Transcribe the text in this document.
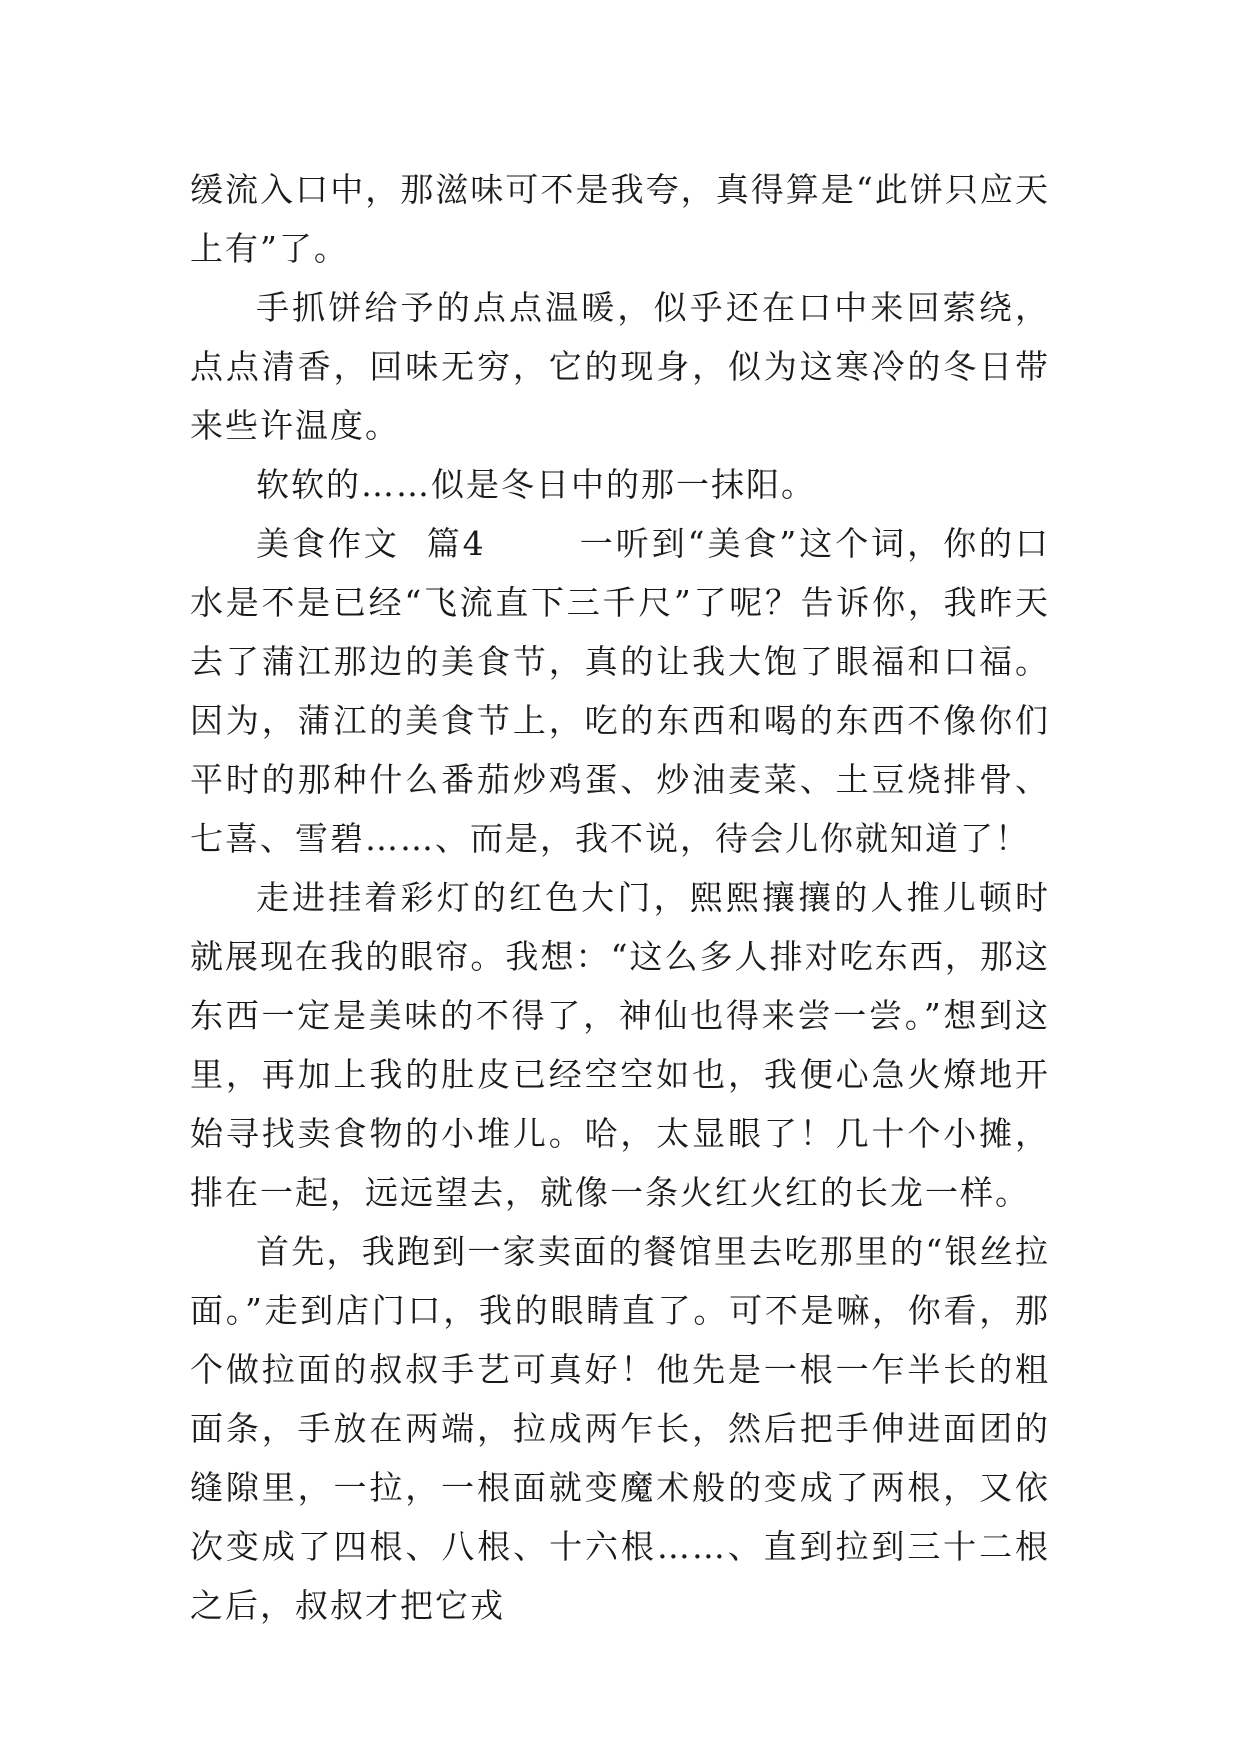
缓流入口中，那滋味可不是我夸，真得算是“此饼只应天上有”了。

手抓饼给予的点点温暖，似乎还在口中来回萦绕，点点清香，回味无穷，它的现身，似为这寒冷的冬日带来些许温度。

软软的……似是冬日中的那一抹阳。

美食作文  篇4       一听到“美食”这个词，你的口水是不是已经“飞流直下三千尺”了呢？告诉你，我昨天去了蒲江那边的美食节，真的让我大饱了眼福和口福。因为，蒲江的美食节上，吃的东西和喝的东西不像你们平时的那种什么番茄炒鸡蛋、炒油麦菜、土豆烧排骨、七喜、雪碧……、而是，我不说，待会儿你就知道了！

走进挂着彩灯的红色大门，熙熙攘攘的人推儿顿时就展现在我的眼帘。我想：“这么多人排对吃东西，那这东西一定是美味的不得了，神仙也得来尝一尝。”想到这里，再加上我的肚皮已经空空如也，我便心急火燎地开始寻找卖食物的小堆儿。哈，太显眼了！几十个小摊，排在一起，远远望去，就像一条火红火红的长龙一样。

首先，我跑到一家卖面的餐馆里去吃那里的“银丝拉面。”走到店门口，我的眼睛直了。可不是嘛，你看，那个做拉面的叔叔手艺可真好！他先是一根一乍半长的粗面条，手放在两端，拉成两乍长，然后把手伸进面团的缝隙里，一拉，一根面就变魔术般的变成了两根，又依次变成了四根、八根、十六根……、直到拉到三十二根之后，叔叔才把它戎
